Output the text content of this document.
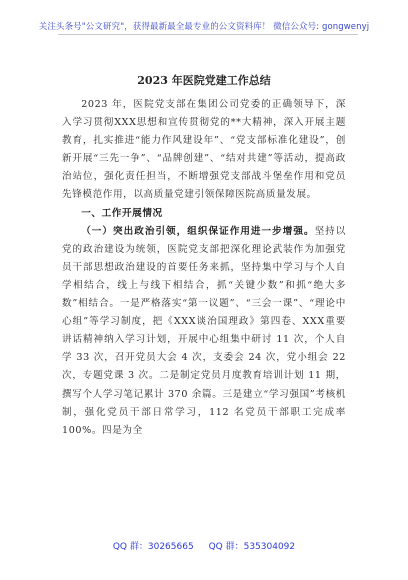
关注头条号"公文研究"，获得最新最全最专业的公文资料库！ 微信公众号: gongwenyj
2023 年医院党建工作总结

2023 年，医院党支部在集团公司党委的正确领导下，深入学习贯彻XXX思想和宣传贯彻党的**大精神，深入开展主题教育，扎实推进“能力作风建设年”、“党支部标准化建设”，创新开展“三先一争”、“品牌创建”、“结对共建”等活动，提高政治站位，强化责任担当，不断增强党支部战斗堡垒作用和党员先锋模范作用，以高质量党建引领保障医院高质量发展。

一、工作开展情况

（一）突出政治引领，组织保证作用进一步增强。坚持以党的政治建设为统领，医院党支部把深化理论武装作为加强党员干部思想政治建设的首要任务来抓，坚持集中学习与个人自学相结合，线上与线下相结合，抓“关键少数”和抓“绝大多数”相结合。一是严格落实“第一议题”、“三会一课”、“理论中心组”等学习制度，把《XXX谈治国理政》第四卷、XXX重要讲话精神纳入学习计划，开展中心组集中研讨 11 次，个人自学 33 次，召开党员大会 4 次，支委会 24 次，党小组会 22 次，专题党课 3 次。二是制定党员月度教育培训计划 11 期，撰写个人学习笔记累计 370 余篇。三是建立“学习强国”考核机制，强化党员干部日常学习，112 名党员干部职工完成率 100%。四是为全

QQ 群：30265665 QQ 群：535304092
